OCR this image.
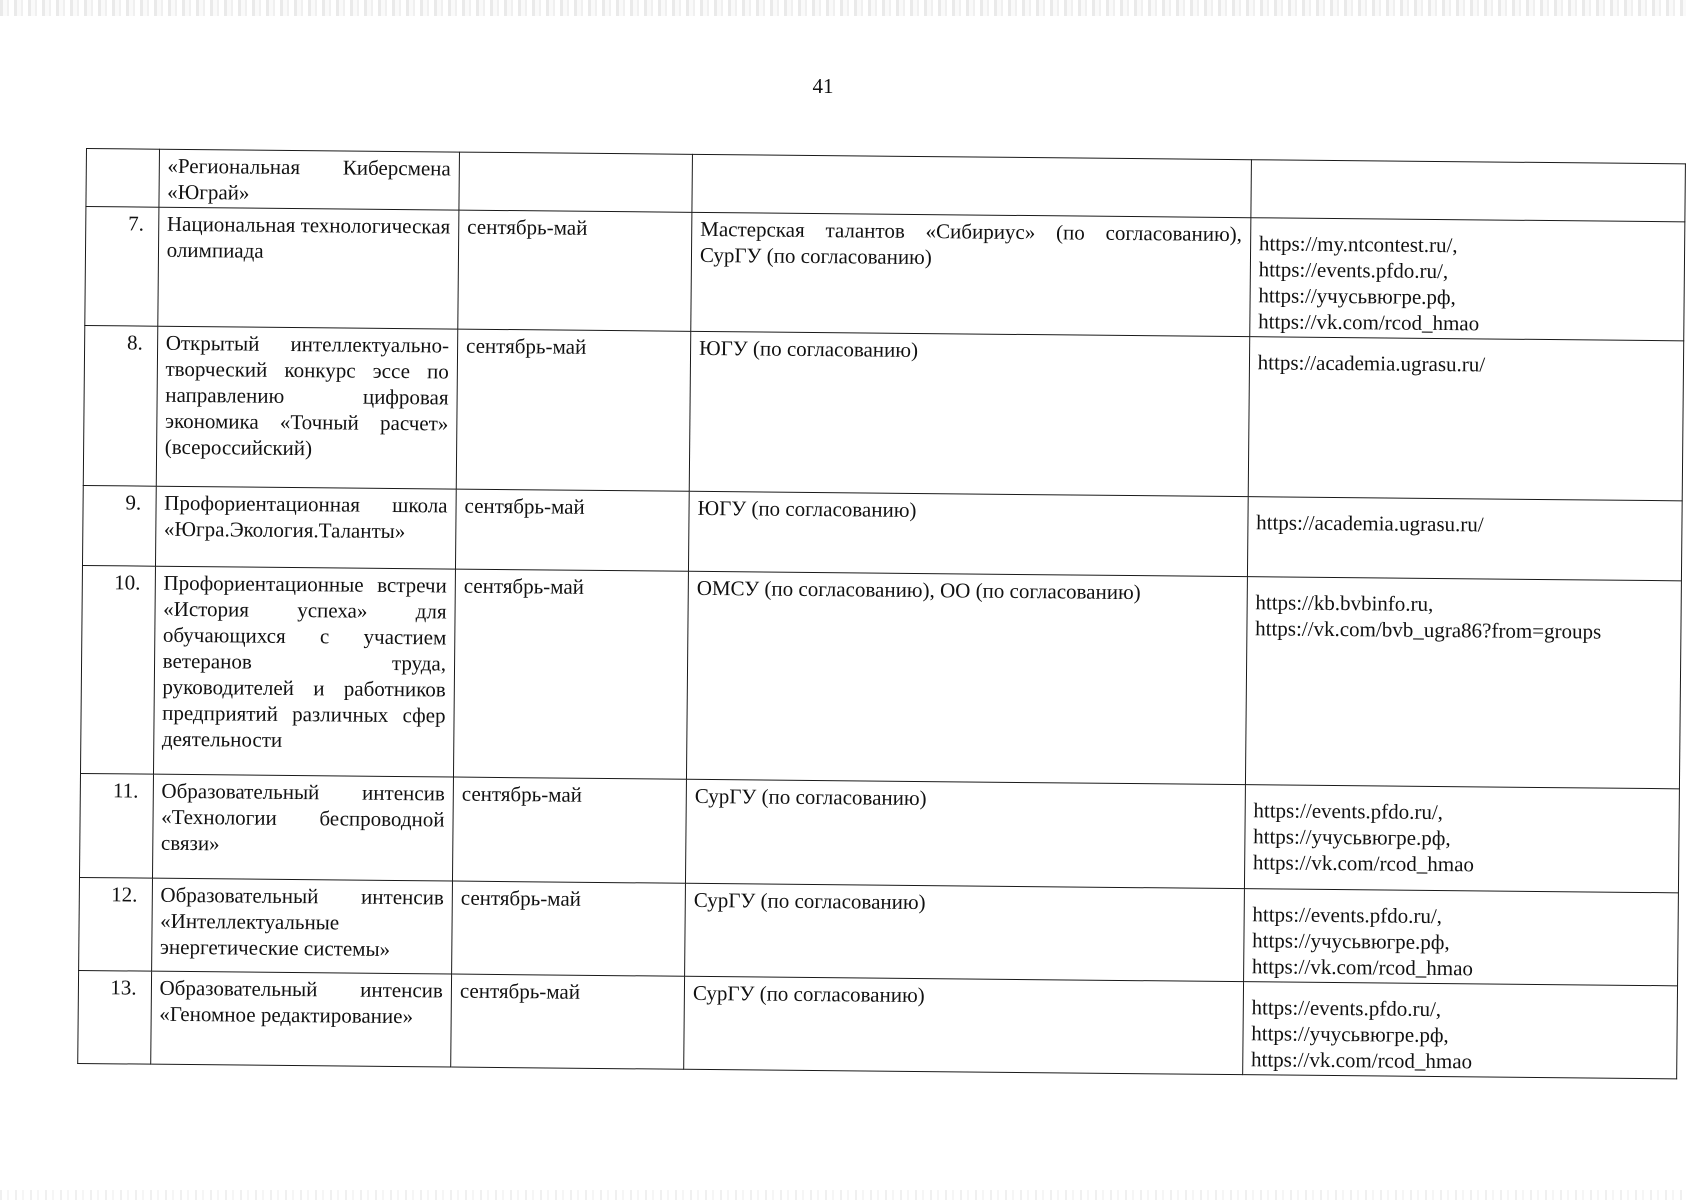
41

	«Региональная Киберсмена «Юграй»			

7.	Национальная технологическая олимпиада	сентябрь-май	Мастерская талантов «Сибириус» (по согласованию), СурГУ (по согласованию)	https://my.ntcontest.ru/,
https://events.pfdo.ru/,
https://учусьвюгре.рф,
https://vk.com/rcod_hmao

8.	Открытый интеллектуально-творческий конкурс эссе по направлению цифровая экономика «Точный расчет» (всероссийский)	сентябрь-май	ЮГУ (по согласованию)	https://academia.ugrasu.ru/

9.	Профориентационная школа «Югра.Экология.Таланты»	сентябрь-май	ЮГУ (по согласованию)	https://academia.ugrasu.ru/

10.	Профориентационные встречи «История успеха» для обучающихся с участием ветеранов труда, руководителей и работников предприятий различных сфер деятельности	сентябрь-май	ОМСУ (по согласованию), ОО (по согласованию)	https://kb.bvbinfo.ru,
https://vk.com/bvb_ugra86?from=groups

11.	Образовательный интенсив «Технологии беспроводной связи»	сентябрь-май	СурГУ (по согласованию)	https://events.pfdo.ru/,
https://учусьвюгре.рф,
https://vk.com/rcod_hmao

12.	Образовательный интенсив «Интеллектуальные энергетические системы»	сентябрь-май	СурГУ (по согласованию)	https://events.pfdo.ru/,
https://учусьвюгре.рф,
https://vk.com/rcod_hmao

13.	Образовательный интенсив «Геномное редактирование»	сентябрь-май	СурГУ (по согласованию)	https://events.pfdo.ru/,
https://учусьвюгре.рф,
https://vk.com/rcod_hmao
